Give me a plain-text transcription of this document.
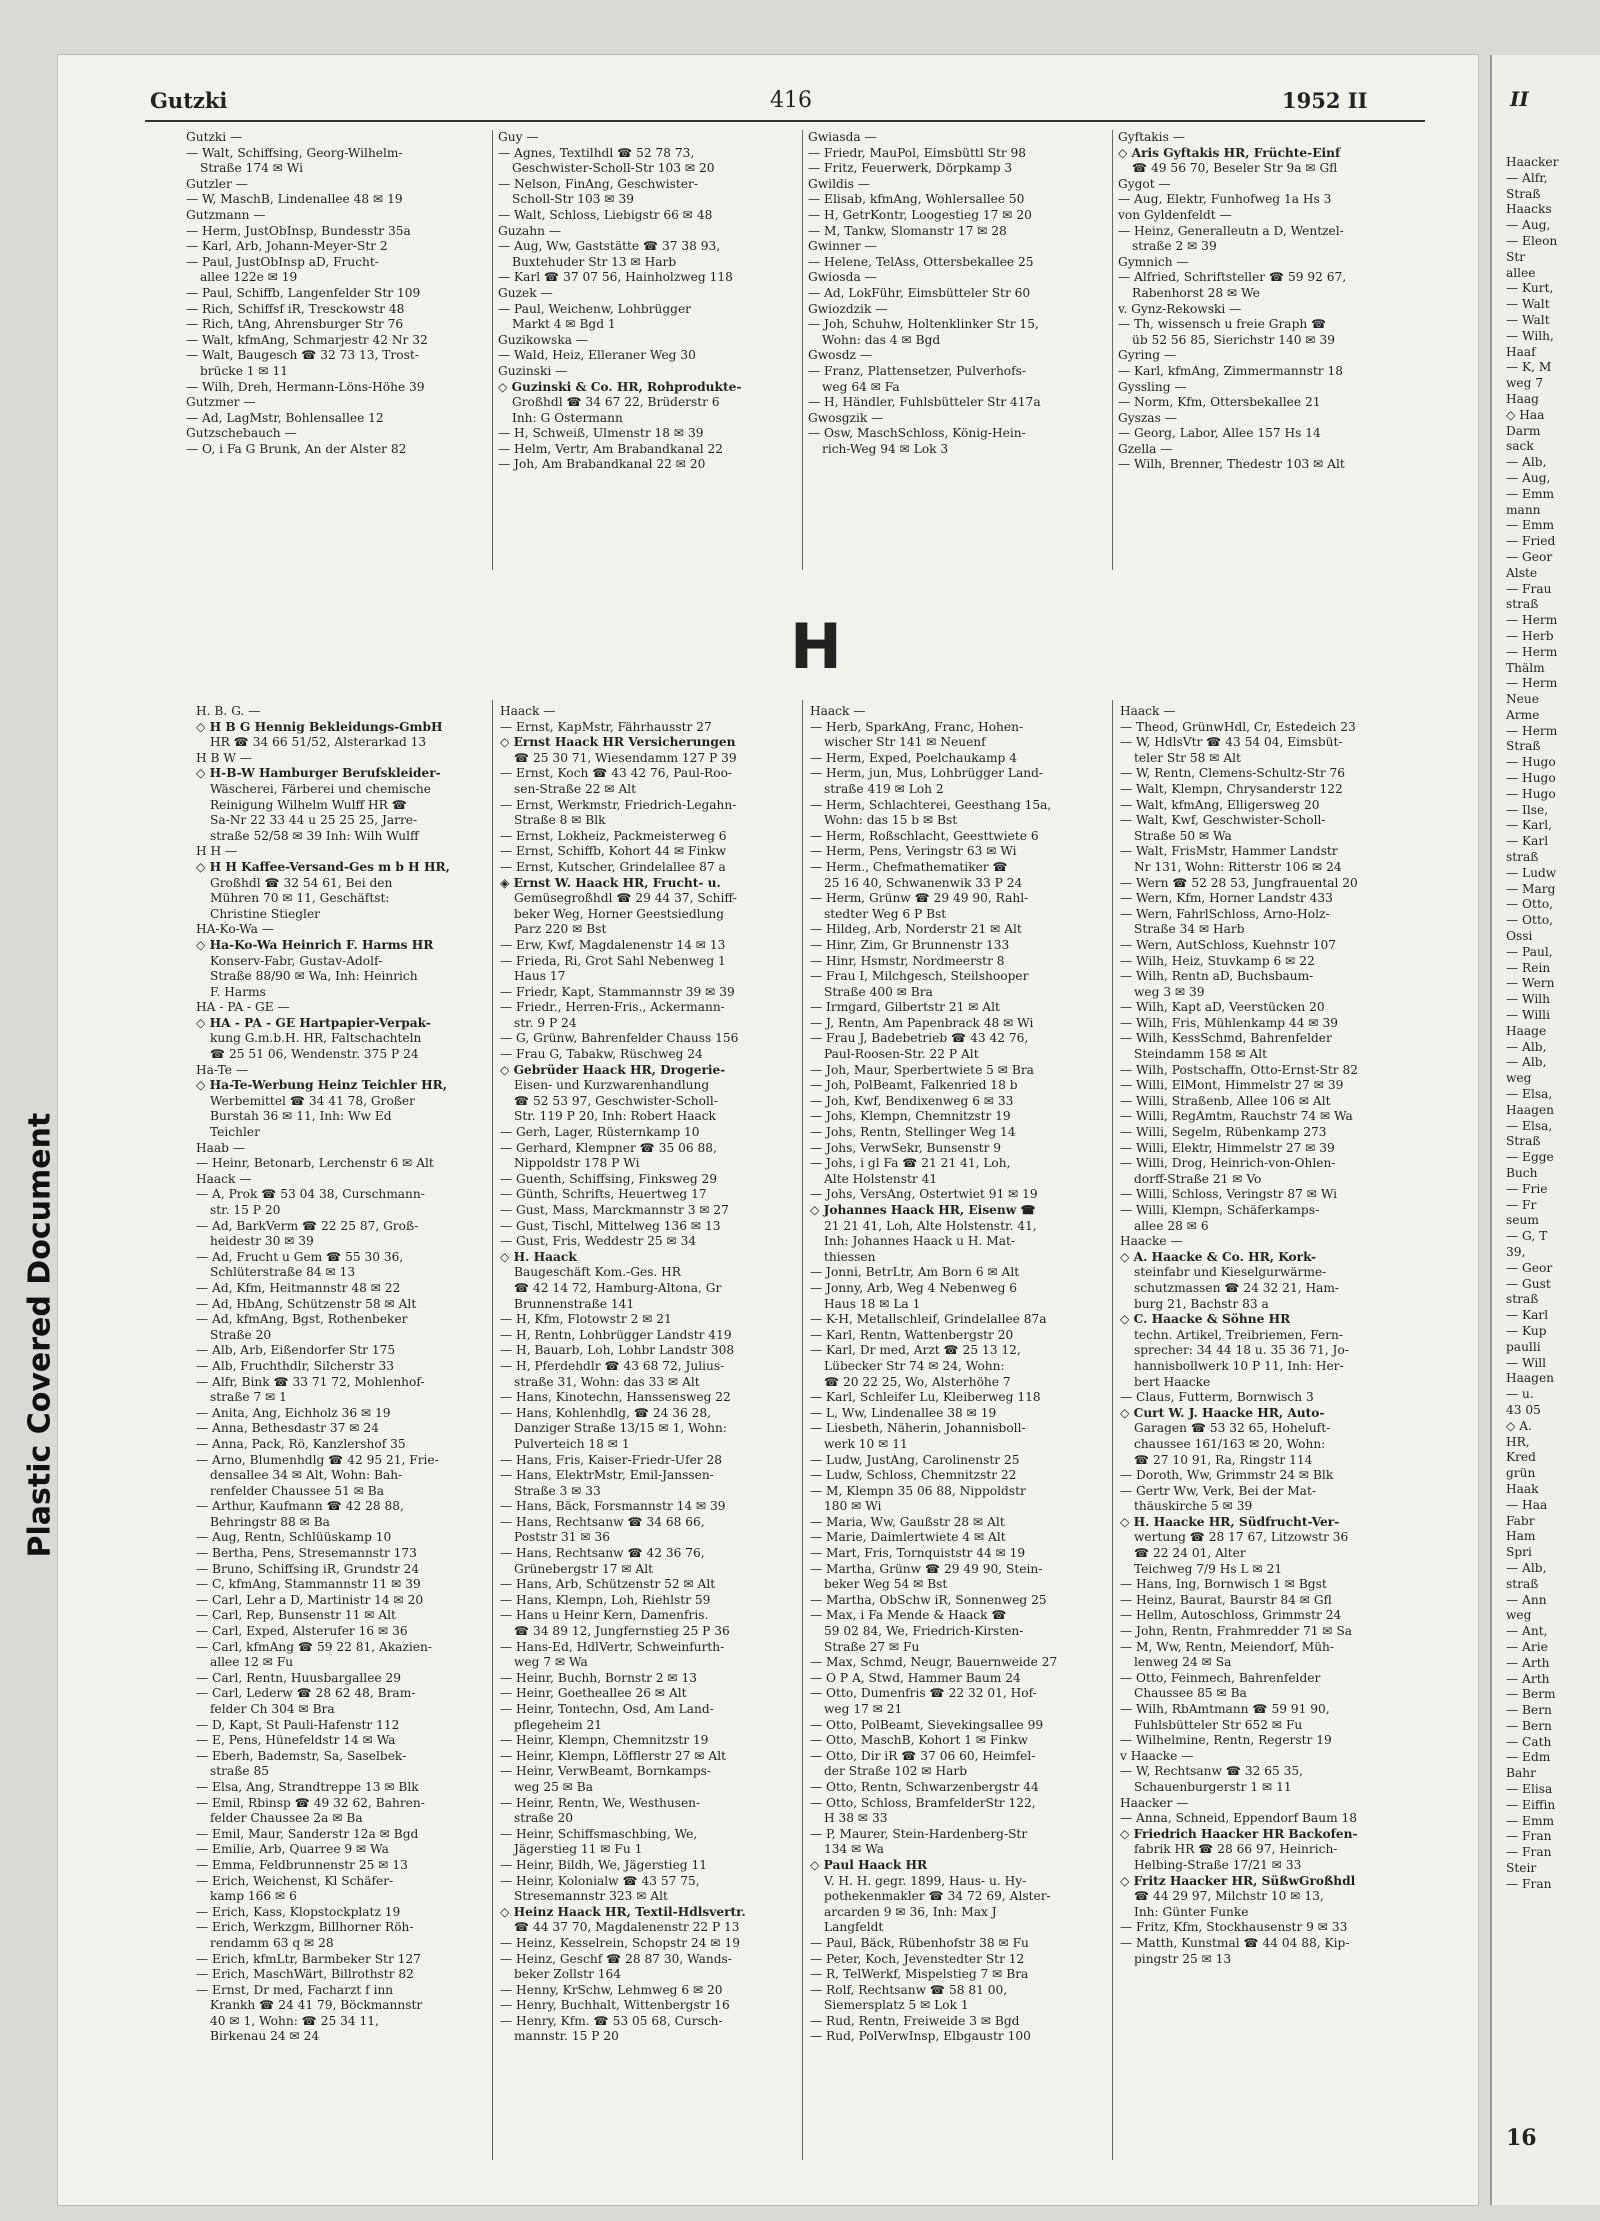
Plastic Covered Document
Gutzki	416	1952 II
Gutzki —
— Walt, Schiffsing, Georg-Wilhelm-
Straße 174 ✉ Wi
Gutzler —
— W, MaschB, Lindenallee 48 ✉ 19
Gutzmann —
— Herm, JustObInsp, Bundesstr 35a
— Karl, Arb, Johann-Meyer-Str 2
— Paul, JustObInsp aD, Frucht-
allee 122e ✉ 19
— Paul, Schiffb, Langenfelder Str 109
— Rich, Schiffsf iR, Tresckowstr 48
— Rich, tAng, Ahrensburger Str 76
— Walt, kfmAng, Schmarjestr 42 Nr 32
— Walt, Baugesch ☎ 32 73 13, Trost-
brücke 1 ✉ 11
— Wilh, Dreh, Hermann-Löns-Höhe 39
Gutzmer —
— Ad, LagMstr, Bohlensallee 12
Gutzschebauch —
— O, i Fa G Brunk, An der Alster 82
Guy —
— Agnes, Textilhdl ☎ 52 78 73,
Geschwister-Scholl-Str 103 ✉ 20
— Nelson, FinAng, Geschwister-
Scholl-Str 103 ✉ 39
— Walt, Schloss, Liebigstr 66 ✉ 48
Guzahn —
— Aug, Ww, Gaststätte ☎ 37 38 93,
Buxtehuder Str 13 ✉ Harb
— Karl ☎ 37 07 56, Hainholzweg 118
Guzek —
— Paul, Weichenw, Lohbrügger
Markt 4 ✉ Bgd 1
Guzikowska —
— Wald, Heiz, Elleraner Weg 30
Guzinski —
◇ Guzinski & Co. HR, Rohprodukte-
Großhdl ☎ 34 67 22, Brüderstr 6
Inh: G Ostermann
— H, Schweiß, Ulmenstr 18 ✉ 39
— Helm, Vertr, Am Brabandkanal 22
— Joh, Am Brabandkanal 22 ✉ 20
Gwiasda —
— Friedr, MauPol, Eimsbüttl Str 98
— Fritz, Feuerwerk, Dörpkamp 3
Gwildis —
— Elisab, kfmAng, Wohlersallee 50
— H, GetrKontr, Loogestieg 17 ✉ 20
— M, Tankw, Slomanstr 17 ✉ 28
Gwinner —
— Helene, TelAss, Ottersbekallee 25
Gwiosda —
— Ad, LokFühr, Eimsbütteler Str 60
Gwiozdzik —
— Joh, Schuhw, Holtenklinker Str 15,
Wohn: das 4 ✉ Bgd
Gwosdz —
— Franz, Plattensetzer, Pulverhofs-
weg 64 ✉ Fa
— H, Händler, Fuhlsbütteler Str 417a
Gwosgzik —
— Osw, MaschSchloss, König-Hein-
rich-Weg 94 ✉ Lok 3
Gyftakis —
◇ Aris Gyftakis HR, Früchte-Einf
☎ 49 56 70, Beseler Str 9a ✉ Gfl
Gygot —
— Aug, Elektr, Funhofweg 1a Hs 3
von Gyldenfeldt —
— Heinz, Generalleutn a D, Wentzel-
straße 2 ✉ 39
Gymnich —
— Alfried, Schriftsteller ☎ 59 92 67,
Rabenhorst 28 ✉ We
v. Gynz-Rekowski —
— Th, wissensch u freie Graph ☎
üb 52 56 85, Sierichstr 140 ✉ 39
Gyring —
— Karl, kfmAng, Zimmermannstr 18
Gyssling —
— Norm, Kfm, Ottersbekallee 21
Gyszas —
— Georg, Labor, Allee 157 Hs 14
Gzella —
— Wilh, Brenner, Thedestr 103 ✉ Alt
H
H. B. G. —
◇ H B G Hennig Bekleidungs-GmbH
HR ☎ 34 66 51/52, Alsterarkad 13
H B W —
◇ H-B-W Hamburger Berufskleider-
Wäscherei, Färberei und chemische
Reinigung Wilhelm Wulff HR ☎
Sa-Nr 22 33 44 u 25 25 25, Jarre-
straße 52/58 ✉ 39 Inh: Wilh Wulff
H H —
◇ H H Kaffee-Versand-Ges m b H HR,
Großhdl ☎ 32 54 61, Bei den
Mühren 70 ✉ 11, Geschäftst:
Christine Stiegler
HA-Ko-Wa —
◇ Ha-Ko-Wa Heinrich F. Harms HR
Konserv-Fabr, Gustav-Adolf-
Straße 88/90 ✉ Wa, Inh: Heinrich
F. Harms
HA - PA - GE —
◇ HA - PA - GE Hartpapier-Verpak-
kung G.m.b.H. HR, Faltschachteln
☎ 25 51 06, Wendenstr. 375 P 24
Ha-Te —
◇ Ha-Te-Werbung Heinz Teichler HR,
Werbemittel ☎ 34 41 78, Großer
Burstah 36 ✉ 11, Inh: Ww Ed
Teichler
Haab —
— Heinr, Betonarb, Lerchenstr 6 ✉ Alt
Haack —
— A, Prok ☎ 53 04 38, Curschmann-
str. 15 P 20
— Ad, BarkVerm ☎ 22 25 87, Groß-
heidestr 30 ✉ 39
— Ad, Frucht u Gem ☎ 55 30 36,
Schlüterstraße 84 ✉ 13
— Ad, Kfm, Heitmannstr 48 ✉ 22
— Ad, HbAng, Schützenstr 58 ✉ Alt
— Ad, kfmAng, Bgst, Rothenbeker
Straße 20
— Alb, Arb, Eißendorfer Str 175
— Alb, Fruchthdlr, Silcherstr 33
— Alfr, Bink ☎ 33 71 72, Mohlenhof-
straße 7 ✉ 1
— Anita, Ang, Eichholz 36 ✉ 19
— Anna, Bethesdastr 37 ✉ 24
— Anna, Pack, Rö, Kanzlershof 35
— Arno, Blumenhdlg ☎ 42 95 21, Frie-
densallee 34 ✉ Alt, Wohn: Bah-
renfelder Chaussee 51 ✉ Ba
— Arthur, Kaufmann ☎ 42 28 88,
Behringstr 88 ✉ Ba
— Aug, Rentn, Schlüüskamp 10
— Bertha, Pens, Stresemannstr 173
— Bruno, Schiffsing iR, Grundstr 24
— C, kfmAng, Stammannstr 11 ✉ 39
— Carl, Lehr a D, Martinistr 14 ✉ 20
— Carl, Rep, Bunsenstr 11 ✉ Alt
— Carl, Exped, Alsterufer 16 ✉ 36
— Carl, kfmAng ☎ 59 22 81, Akazien-
allee 12 ✉ Fu
— Carl, Rentn, Huusbargallee 29
— Carl, Lederw ☎ 28 62 48, Bram-
felder Ch 304 ✉ Bra
— D, Kapt, St Pauli-Hafenstr 112
— E, Pens, Hünefeldstr 14 ✉ Wa
— Eberh, Bademstr, Sa, Saselbek-
straße 85
— Elsa, Ang, Strandtreppe 13 ✉ Blk
— Emil, Rbinsp ☎ 49 32 62, Bahren-
felder Chaussee 2a ✉ Ba
— Emil, Maur, Sanderstr 12a ✉ Bgd
— Emilie, Arb, Quarree 9 ✉ Wa
— Emma, Feldbrunnenstr 25 ✉ 13
— Erich, Weichenst, Kl Schäfer-
kamp 166 ✉ 6
— Erich, Kass, Klopstockplatz 19
— Erich, Werkzgm, Billhorner Röh-
rendamm 63 q ✉ 28
— Erich, kfmLtr, Barmbeker Str 127
— Erich, MaschWärt, Billrothstr 82
— Ernst, Dr med, Facharzt f inn
Krankh ☎ 24 41 79, Böckmannstr
40 ✉ 1, Wohn: ☎ 25 34 11,
Birkenau 24 ✉ 24
Haack —
— Ernst, KapMstr, Fährhausstr 27
◇ Ernst Haack HR Versicherungen
☎ 25 30 71, Wiesendamm 127 P 39
— Ernst, Koch ☎ 43 42 76, Paul-Roo-
sen-Straße 22 ✉ Alt
— Ernst, Werkmstr, Friedrich-Legahn-
Straße 8 ✉ Blk
— Ernst, Lokheiz, Packmeisterweg 6
— Ernst, Schiffb, Kohort 44 ✉ Finkw
— Ernst, Kutscher, Grindelallee 87 a
◈ Ernst W. Haack HR, Frucht- u.
Gemüsegroßhdl ☎ 29 44 37, Schiff-
beker Weg, Horner Geestsiedlung
Parz 220 ✉ Bst
— Erw, Kwf, Magdalenenstr 14 ✉ 13
— Frieda, Ri, Grot Sahl Nebenweg 1
Haus 17
— Friedr, Kapt, Stammannstr 39 ✉ 39
— Friedr., Herren-Fris., Ackermann-
str. 9 P 24
— G, Grünw, Bahrenfelder Chauss 156
— Frau G, Tabakw, Rüschweg 24
◇ Gebrüder Haack HR, Drogerie-
Eisen- und Kurzwarenhandlung
☎ 52 53 97, Geschwister-Scholl-
Str. 119 P 20, Inh: Robert Haack
— Gerh, Lager, Rüsternkamp 10
— Gerhard, Klempner ☎ 35 06 88,
Nippoldstr 178 P Wi
— Guenth, Schiffsing, Finksweg 29
— Günth, Schrifts, Heuertweg 17
— Gust, Mass, Marckmannstr 3 ✉ 27
— Gust, Tischl, Mittelweg 136 ✉ 13
— Gust, Fris, Weddestr 25 ✉ 34
◇ H. Haack
Baugeschäft Kom.-Ges. HR
☎ 42 14 72, Hamburg-Altona, Gr
Brunnenstraße 141
— H, Kfm, Flotowstr 2 ✉ 21
— H, Rentn, Lohbrügger Landstr 419
— H, Bauarb, Loh, Lohbr Landstr 308
— H, Pferdehdlr ☎ 43 68 72, Julius-
straße 31, Wohn: das 33 ✉ Alt
— Hans, Kinotechn, Hanssensweg 22
— Hans, Kohlenhdlg, ☎ 24 36 28,
Danziger Straße 13/15 ✉ 1, Wohn:
Pulverteich 18 ✉ 1
— Hans, Fris, Kaiser-Friedr-Ufer 28
— Hans, ElektrMstr, Emil-Janssen-
Straße 3 ✉ 33
— Hans, Bäck, Forsmannstr 14 ✉ 39
— Hans, Rechtsanw ☎ 34 68 66,
Poststr 31 ✉ 36
— Hans, Rechtsanw ☎ 42 36 76,
Grünebergstr 17 ✉ Alt
— Hans, Arb, Schützenstr 52 ✉ Alt
— Hans, Klempn, Loh, Riehlstr 59
— Hans u Heinr Kern, Damenfris.
☎ 34 89 12, Jungfernstieg 25 P 36
— Hans-Ed, HdlVertr, Schweinfurth-
weg 7 ✉ Wa
— Heinr, Buchh, Bornstr 2 ✉ 13
— Heinr, Goetheallee 26 ✉ Alt
— Heinr, Tontechn, Osd, Am Land-
pflegeheim 21
— Heinr, Klempn, Chemnitzstr 19
— Heinr, Klempn, Löfflerstr 27 ✉ Alt
— Heinr, VerwBeamt, Bornkamps-
weg 25 ✉ Ba
— Heinr, Rentn, We, Westhusen-
straße 20
— Heinr, Schiffsmaschbing, We,
Jägerstieg 11 ✉ Fu 1
— Heinr, Bildh, We, Jägerstieg 11
— Heinr, Kolonialw ☎ 43 57 75,
Stresemannstr 323 ✉ Alt
◇ Heinz Haack HR, Textil-Hdlsvertr.
☎ 44 37 70, Magdalenenstr 22 P 13
— Heinz, Kesselrein, Schopstr 24 ✉ 19
— Heinz, Geschf ☎ 28 87 30, Wands-
beker Zollstr 164
— Henny, KrSchw, Lehmweg 6 ✉ 20
— Henry, Buchhalt, Wittenbergstr 16
— Henry, Kfm. ☎ 53 05 68, Cursch-
mannstr. 15 P 20
Haack —
— Herb, SparkAng, Franc, Hohen-
wischer Str 141 ✉ Neuenf
— Herm, Exped, Poelchaukamp 4
— Herm, jun, Mus, Lohbrügger Land-
straße 419 ✉ Loh 2
— Herm, Schlachterei, Geesthang 15a,
Wohn: das 15 b ✉ Bst
— Herm, Roßschlacht, Geesttwiete 6
— Herm, Pens, Veringstr 63 ✉ Wi
— Herm., Chefmathematiker ☎
25 16 40, Schwanenwik 33 P 24
— Herm, Grünw ☎ 29 49 90, Rahl-
stedter Weg 6 P Bst
— Hildeg, Arb, Norderstr 21 ✉ Alt
— Hinr, Zim, Gr Brunnenstr 133
— Hinr, Hsmstr, Nordmeerstr 8
— Frau I, Milchgesch, Steilshooper
Straße 400 ✉ Bra
— Irmgard, Gilbertstr 21 ✉ Alt
— J, Rentn, Am Papenbrack 48 ✉ Wi
— Frau J, Badebetrieb ☎ 43 42 76,
Paul-Roosen-Str. 22 P Alt
— Joh, Maur, Sperbertwiete 5 ✉ Bra
— Joh, PolBeamt, Falkenried 18 b
— Joh, Kwf, Bendixenweg 6 ✉ 33
— Johs, Klempn, Chemnitzstr 19
— Johs, Rentn, Stellinger Weg 14
— Johs, VerwSekr, Bunsenstr 9
— Johs, i gl Fa ☎ 21 21 41, Loh,
Alte Holstenstr 41
— Johs, VersAng, Ostertwiet 91 ✉ 19
◇ Johannes Haack HR, Eisenw ☎
21 21 41, Loh, Alte Holstenstr. 41,
Inh: Johannes Haack u H. Mat-
thiessen
— Jonni, BetrLtr, Am Born 6 ✉ Alt
— Jonny, Arb, Weg 4 Nebenweg 6
Haus 18 ✉ La 1
— K-H, Metallschleif, Grindelallee 87a
— Karl, Rentn, Wattenbergstr 20
— Karl, Dr med, Arzt ☎ 25 13 12,
Lübecker Str 74 ✉ 24, Wohn:
☎ 20 22 25, Wo, Alsterhöhe 7
— Karl, Schleifer Lu, Kleiberweg 118
— L, Ww, Lindenallee 38 ✉ 19
— Liesbeth, Näherin, Johannisboll-
werk 10 ✉ 11
— Ludw, JustAng, Carolinenstr 25
— Ludw, Schloss, Chemnitzstr 22
— M, Klempn 35 06 88, Nippoldstr
180 ✉ Wi
— Maria, Ww, Gaußstr 28 ✉ Alt
— Marie, Daimlertwiete 4 ✉ Alt
— Mart, Fris, Tornquiststr 44 ✉ 19
— Martha, Grünw ☎ 29 49 90, Stein-
beker Weg 54 ✉ Bst
— Martha, ObSchw iR, Sonnenweg 25
— Max, i Fa Mende & Haack ☎
59 02 84, We, Friedrich-Kirsten-
Straße 27 ✉ Fu
— Max, Schmd, Neugr, Bauernweide 27
— O P A, Stwd, Hammer Baum 24
— Otto, Dumenfris ☎ 22 32 01, Hof-
weg 17 ✉ 21
— Otto, PolBeamt, Sievekingsallee 99
— Otto, MaschB, Kohort 1 ✉ Finkw
— Otto, Dir iR ☎ 37 06 60, Heimfel-
der Straße 102 ✉ Harb
— Otto, Rentn, Schwarzenbergstr 44
— Otto, Schloss, BramfelderStr 122,
H 38 ✉ 33
— P, Maurer, Stein-Hardenberg-Str
134 ✉ Wa
◇ Paul Haack HR
V. H. H. gegr. 1899, Haus- u. Hy-
pothekenmakler ☎ 34 72 69, Alster-
arcarden 9 ✉ 36, Inh: Max J
Langfeldt
— Paul, Bäck, Rübenhofstr 38 ✉ Fu
— Peter, Koch, Jevenstedter Str 12
— R, TelWerkf, Mispelstieg 7 ✉ Bra
— Rolf, Rechtsanw ☎ 58 81 00,
Siemersplatz 5 ✉ Lok 1
— Rud, Rentn, Freiweide 3 ✉ Bgd
— Rud, PolVerwInsp, Elbgaustr 100
Haack —
— Theod, GrünwHdl, Cr, Estedeich 23
— W, HdlsVtr ☎ 43 54 04, Eimsbüt-
teler Str 58 ✉ Alt
— W, Rentn, Clemens-Schultz-Str 76
— Walt, Klempn, Chrysanderstr 122
— Walt, kfmAng, Elligersweg 20
— Walt, Kwf, Geschwister-Scholl-
Straße 50 ✉ Wa
— Walt, FrisMstr, Hammer Landstr
Nr 131, Wohn: Ritterstr 106 ✉ 24
— Wern ☎ 52 28 53, Jungfrauental 20
— Wern, Kfm, Horner Landstr 433
— Wern, FahrlSchloss, Arno-Holz-
Straße 34 ✉ Harb
— Wern, AutSchloss, Kuehnstr 107
— Wilh, Heiz, Stuvkamp 6 ✉ 22
— Wilh, Rentn aD, Buchsbaum-
weg 3 ✉ 39
— Wilh, Kapt aD, Veerstücken 20
— Wilh, Fris, Mühlenkamp 44 ✉ 39
— Wilh, KessSchmd, Bahrenfelder
Steindamm 158 ✉ Alt
— Wilh, Postschaffn, Otto-Ernst-Str 82
— Willi, ElMont, Himmelstr 27 ✉ 39
— Willi, Straßenb, Allee 106 ✉ Alt
— Willi, RegAmtm, Rauchstr 74 ✉ Wa
— Willi, Segelm, Rübenkamp 273
— Willi, Elektr, Himmelstr 27 ✉ 39
— Willi, Drog, Heinrich-von-Ohlen-
dorff-Straße 21 ✉ Vo
— Willi, Schloss, Veringstr 87 ✉ Wi
— Willi, Klempn, Schäferkamps-
allee 28 ✉ 6
Haacke —
◇ A. Haacke & Co. HR, Kork-
steinfabr und Kieselgurwärme-
schutzmassen ☎ 24 32 21, Ham-
burg 21, Bachstr 83 a
◇ C. Haacke & Söhne HR
techn. Artikel, Treibriemen, Fern-
sprecher: 34 44 18 u. 35 36 71, Jo-
hannisbollwerk 10 P 11, Inh: Her-
bert Haacke
— Claus, Futterm, Bornwisch 3
◇ Curt W. J. Haacke HR, Auto-
Garagen ☎ 53 32 65, Hoheluft-
chaussee 161/163 ✉ 20, Wohn:
☎ 27 10 91, Ra, Ringstr 114
— Doroth, Ww, Grimmstr 24 ✉ Blk
— Gertr Ww, Verk, Bei der Mat-
thäuskirche 5 ✉ 39
◇ H. Haacke HR, Südfrucht-Ver-
wertung ☎ 28 17 67, Litzowstr 36
☎ 22 24 01, Alter
Teichweg 7/9 Hs L ✉ 21
— Hans, Ing, Bornwisch 1 ✉ Bgst
— Heinz, Baurat, Baurstr 84 ✉ Gfl
— Hellm, Autoschloss, Grimmstr 24
— John, Rentn, Frahmredder 71 ✉ Sa
— M, Ww, Rentn, Meiendorf, Müh-
lenweg 24 ✉ Sa
— Otto, Feinmech, Bahrenfelder
Chaussee 85 ✉ Ba
— Wilh, RbAmtmann ☎ 59 91 90,
Fuhlsbütteler Str 652 ✉ Fu
— Wilhelmine, Rentn, Regerstr 19
v Haacke —
— W, Rechtsanw ☎ 32 65 35,
Schauenburgerstr 1 ✉ 11
Haacker —
— Anna, Schneid, Eppendorf Baum 18
◇ Friedrich Haacker HR Backofen-
fabrik HR ☎ 28 66 97, Heinrich-
Helbing-Straße 17/21 ✉ 33
◇ Fritz Haacker HR, SüßwGroßhdl
☎ 44 29 97, Milchstr 10 ✉ 13,
Inh: Günter Funke
— Fritz, Kfm, Stockhausenstr 9 ✉ 33
— Matth, Kunstmal ☎ 44 04 88, Kip-
pingstr 25 ✉ 13
II
Haacker
— Alfr,
Straß
Haacks
— Aug,
— Eleon
Str
allee
— Kurt,
— Walt
— Walt
— Wilh,
Haaf
— K, M
weg 7
Haag
◇ Haa
Darm
sack
— Alb,
— Aug,
— Emm
mann
— Emm
— Fried
— Geor
Alste
— Frau
straß
— Herm
— Herb
— Herm
Thälm
— Herm
Neue
Arme
— Herm
Straß
— Hugo
— Hugo
— Hugo
— Ilse,
— Karl,
— Karl
straß
— Ludw
— Marg
— Otto,
— Otto,
Ossi
— Paul,
— Rein
— Wern
— Wilh
— Willi
Haage
— Alb,
— Alb,
weg
— Elsa,
Haagen
— Elsa,
Straß
— Egge
Buch
— Frie
— Fr
seum
— G, T
39,
— Geor
— Gust
straß
— Karl
— Kup
paulli
— Will
Haagen
— u.
43 05
◇ A.
HR,
Kred
grün
Haak
— Haa
Fabr
Ham
Spri
— Alb,
straß
— Ann
weg
— Ant,
— Arie
— Arth
— Arth
— Berm
— Bern
— Bern
— Cath
— Edm
Bahr
— Elisa
— Eiffin
— Emm
— Fran
— Fran
Steir
— Fran
16
